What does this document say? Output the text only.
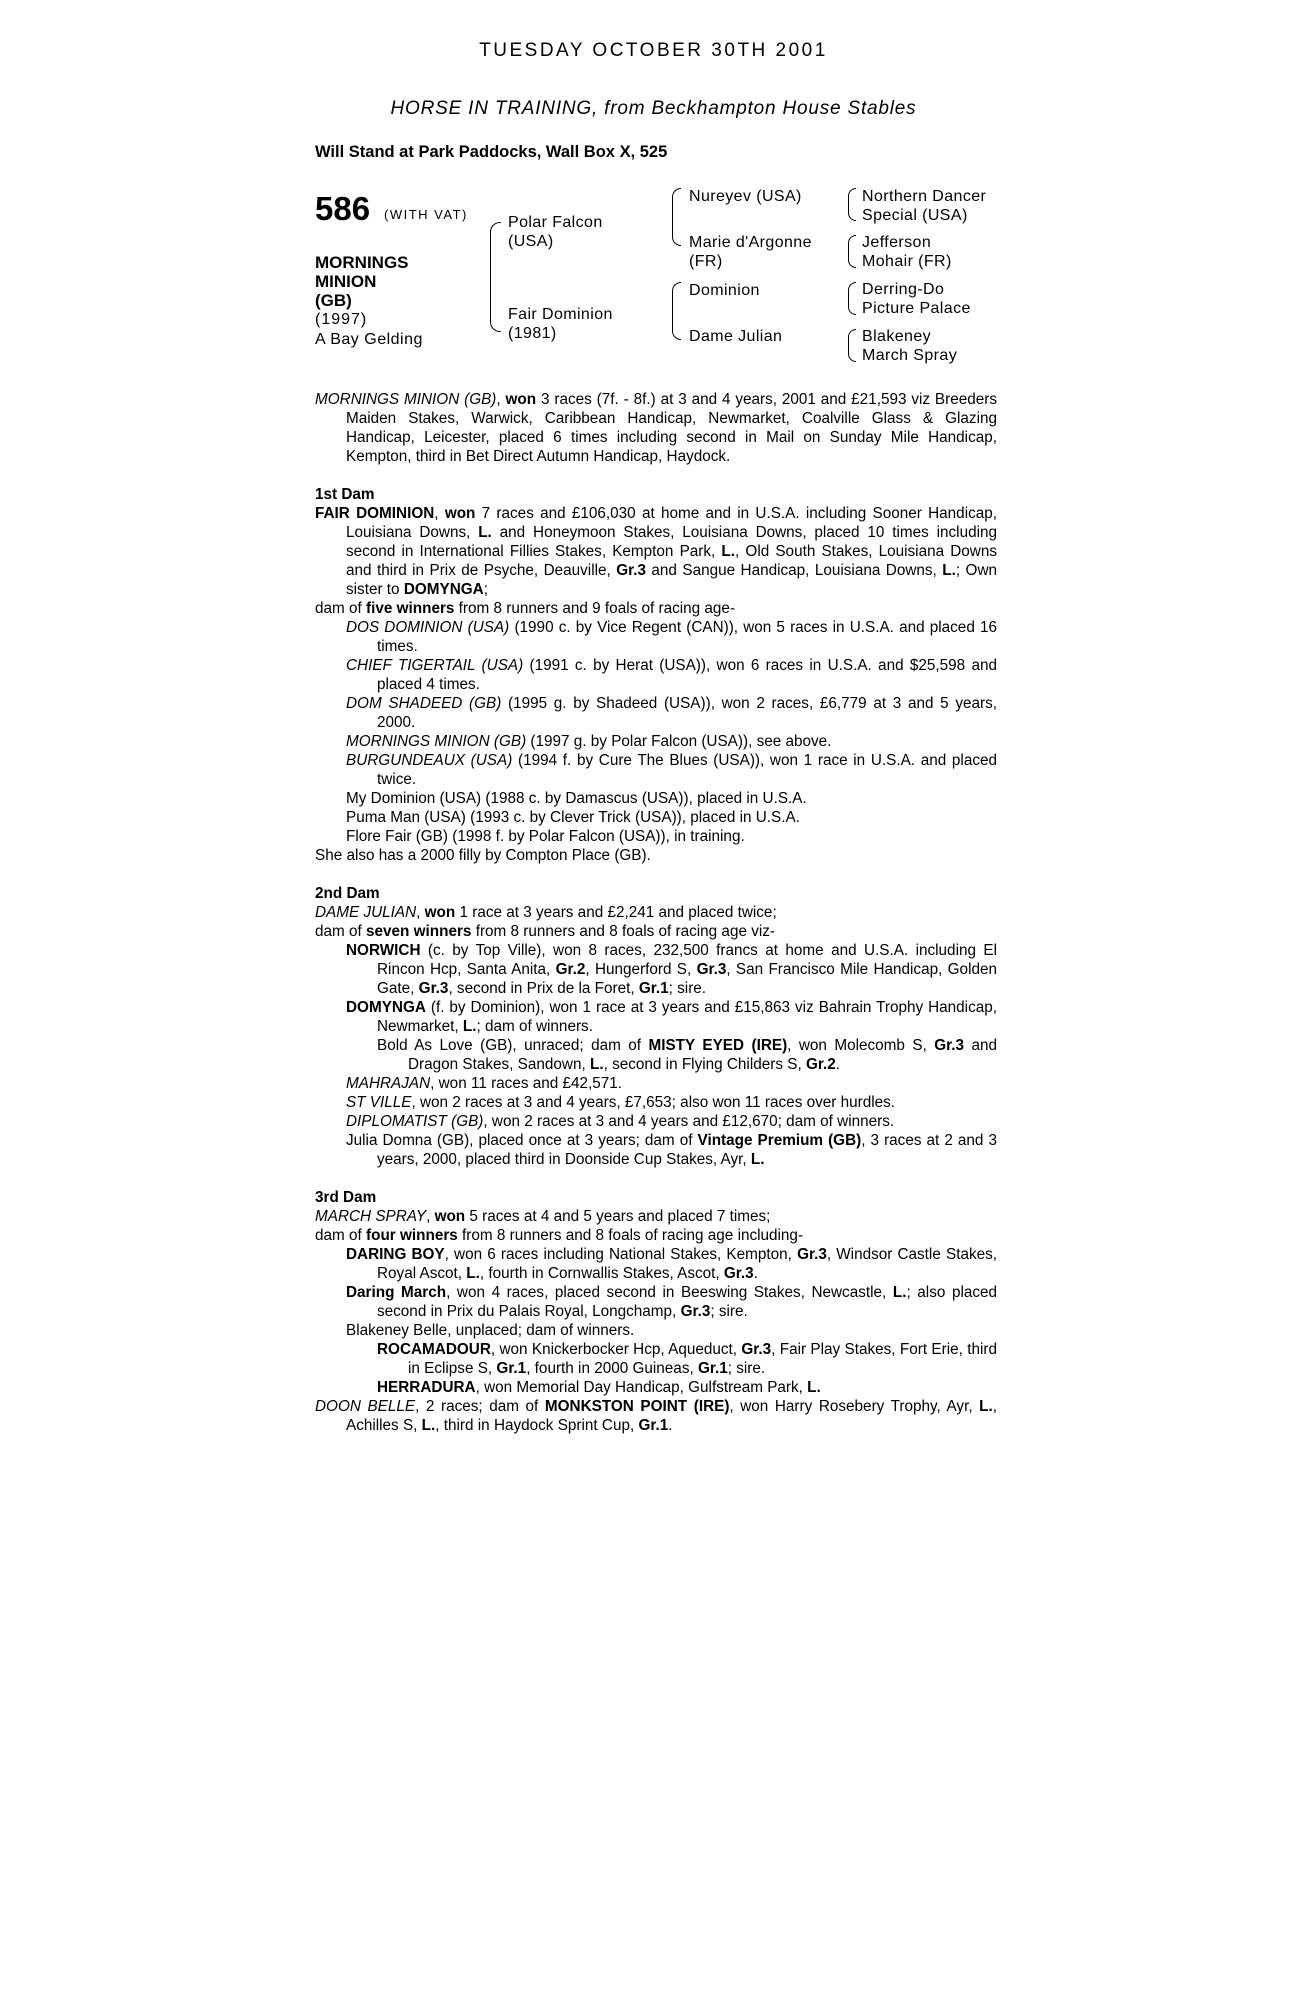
TUESDAY OCTOBER 30TH 2001
HORSE IN TRAINING, from Beckhampton House Stables
Will Stand at Park Paddocks, Wall Box X, 525
586 (WITH VAT)
MORNINGS
MINION
(GB)
(1997)
A Bay Gelding
Polar Falcon
(USA)
Fair Dominion
(1981)
Nureyev (USA)
Marie d'Argonne
(FR)
Dominion
Dame Julian
Northern Dancer
Special (USA)
Jefferson
Mohair (FR)
Derring-Do
Picture Palace
Blakeney
March Spray

MORNINGS MINION (GB), won 3 races (7f. - 8f.) at 3 and 4 years, 2001 and £21,593 viz Breeders Maiden Stakes, Warwick, Caribbean Handicap, Newmarket, Coalville Glass & Glazing Handicap, Leicester, placed 6 times including second in Mail on Sunday Mile Handicap, Kempton, third in Bet Direct Autumn Handicap, Haydock.

1st Dam

FAIR DOMINION, won 7 races and £106,030 at home and in U.S.A. including Sooner Handicap, Louisiana Downs, L. and Honeymoon Stakes, Louisiana Downs, placed 10 times including second in International Fillies Stakes, Kempton Park, L., Old South Stakes, Louisiana Downs and third in Prix de Psyche, Deauville, Gr.3 and Sangue Handicap, Louisiana Downs, L.; Own sister to DOMYNGA;

dam of five winners from 8 runners and 9 foals of racing age-

DOS DOMINION (USA) (1990 c. by Vice Regent (CAN)), won 5 races in U.S.A. and placed 16 times.

CHIEF TIGERTAIL (USA) (1991 c. by Herat (USA)), won 6 races in U.S.A. and $25,598 and placed 4 times.

DOM SHADEED (GB) (1995 g. by Shadeed (USA)), won 2 races, £6,779 at 3 and 5 years, 2000.

MORNINGS MINION (GB) (1997 g. by Polar Falcon (USA)), see above.

BURGUNDEAUX (USA) (1994 f. by Cure The Blues (USA)), won 1 race in U.S.A. and placed twice.

My Dominion (USA) (1988 c. by Damascus (USA)), placed in U.S.A.

Puma Man (USA) (1993 c. by Clever Trick (USA)), placed in U.S.A.

Flore Fair (GB) (1998 f. by Polar Falcon (USA)), in training.

She also has a 2000 filly by Compton Place (GB).

2nd Dam

DAME JULIAN, won 1 race at 3 years and £2,241 and placed twice;

dam of seven winners from 8 runners and 8 foals of racing age viz-

NORWICH (c. by Top Ville), won 8 races, 232,500 francs at home and U.S.A. including El Rincon Hcp, Santa Anita, Gr.2, Hungerford S, Gr.3, San Francisco Mile Handicap, Golden Gate, Gr.3, second in Prix de la Foret, Gr.1; sire.

DOMYNGA (f. by Dominion), won 1 race at 3 years and £15,863 viz Bahrain Trophy Handicap, Newmarket, L.; dam of winners.

Bold As Love (GB), unraced; dam of MISTY EYED (IRE), won Molecomb S, Gr.3 and Dragon Stakes, Sandown, L., second in Flying Childers S, Gr.2.

MAHRAJAN, won 11 races and £42,571.

ST VILLE, won 2 races at 3 and 4 years, £7,653; also won 11 races over hurdles.

DIPLOMATIST (GB), won 2 races at 3 and 4 years and £12,670; dam of winners.

Julia Domna (GB), placed once at 3 years; dam of Vintage Premium (GB), 3 races at 2 and 3 years, 2000, placed third in Doonside Cup Stakes, Ayr, L.

3rd Dam

MARCH SPRAY, won 5 races at 4 and 5 years and placed 7 times;

dam of four winners from 8 runners and 8 foals of racing age including-

DARING BOY, won 6 races including National Stakes, Kempton, Gr.3, Windsor Castle Stakes, Royal Ascot, L., fourth in Cornwallis Stakes, Ascot, Gr.3.

Daring March, won 4 races, placed second in Beeswing Stakes, Newcastle, L.; also placed second in Prix du Palais Royal, Longchamp, Gr.3; sire.

Blakeney Belle, unplaced; dam of winners.

ROCAMADOUR, won Knickerbocker Hcp, Aqueduct, Gr.3, Fair Play Stakes, Fort Erie, third in Eclipse S, Gr.1, fourth in 2000 Guineas, Gr.1; sire.

HERRADURA, won Memorial Day Handicap, Gulfstream Park, L.

DOON BELLE, 2 races; dam of MONKSTON POINT (IRE), won Harry Rosebery Trophy, Ayr, L., Achilles S, L., third in Haydock Sprint Cup, Gr.1.
